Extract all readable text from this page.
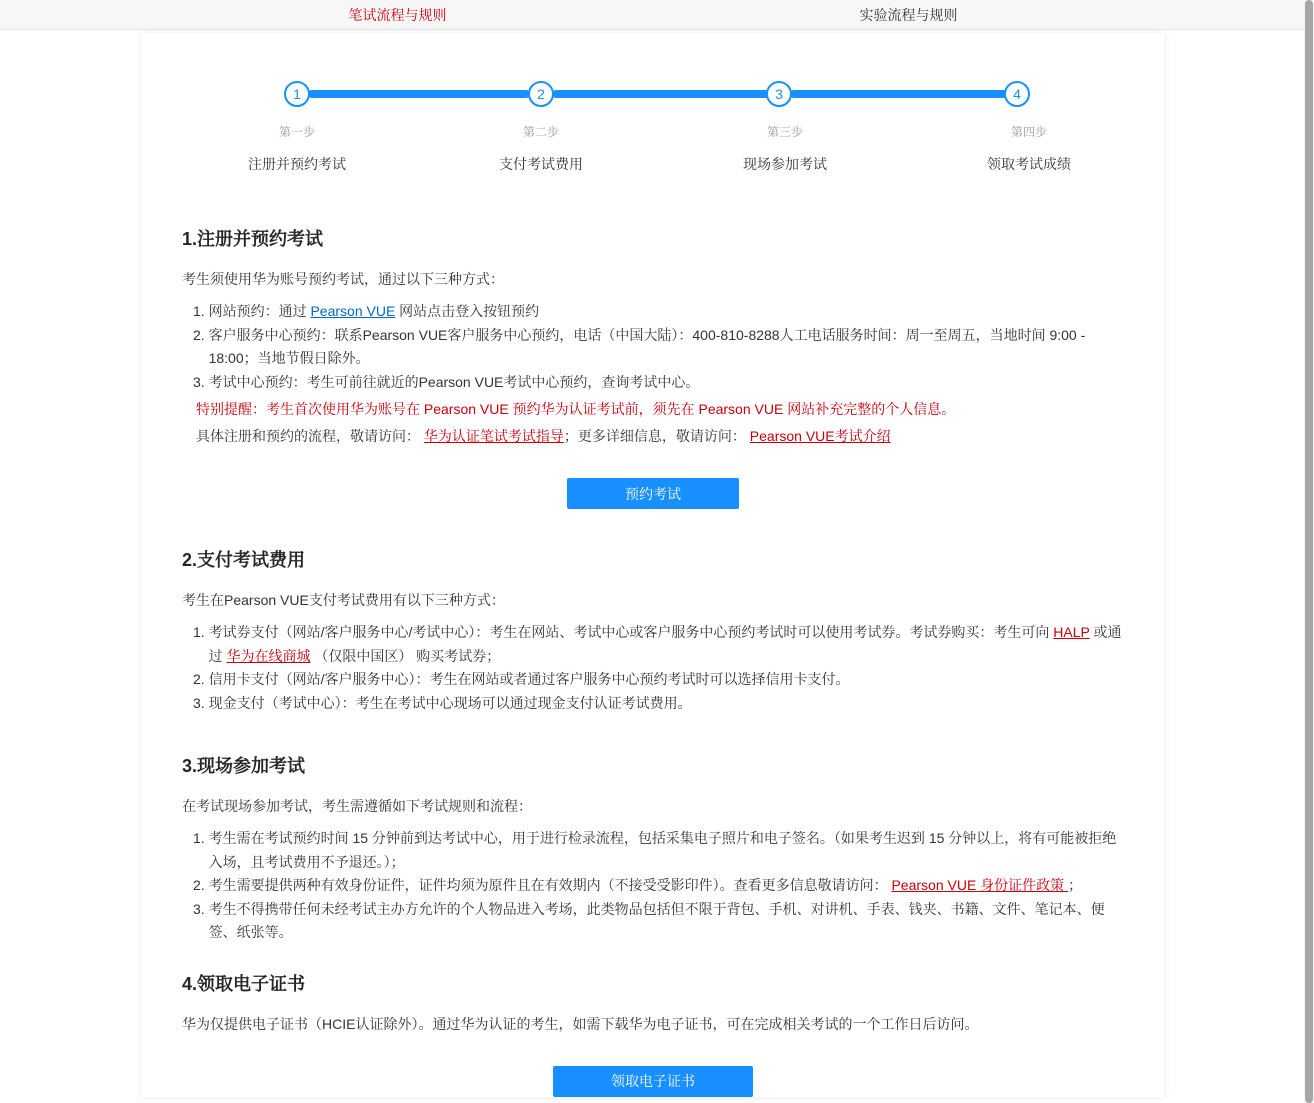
笔试流程与规则	实验流程与规则
1	2	3	4
第一步	第二步	第三步	第四步
注册并预约考试	支付考试费用	现场参加考试	领取考试成绩
1.注册并预约考试
考生须使用华为账号预约考试，通过以下三种方式：
1. 网站预约：通过 Pearson VUE 网站点击登入按钮预约
2. 客户服务中心预约：联系Pearson VUE客户服务中心预约，电话（中国大陆）：400-810-8288人工电话服务时间：周一至周五，当地时间 9:00 - 18:00；当地节假日除外。
3. 考试中心预约：考生可前往就近的Pearson VUE考试中心预约，查询考试中心。
特别提醒：考生首次使用华为账号在 Pearson VUE 预约华为认证考试前，须先在 Pearson VUE 网站补充完整的个人信息。
具体注册和预约的流程，敬请访问： 华为认证笔试考试指导；更多详细信息，敬请访问： Pearson VUE考试介绍
预约考试
2.支付考试费用
考生在Pearson VUE支付考试费用有以下三种方式：
1. 考试券支付（网站/客户服务中心/考试中心）：考生在网站、考试中心或客户服务中心预约考试时可以使用考试券。考试券购买：考生可向 HALP 或通过 华为在线商城 （仅限中国区） 购买考试券；
2. 信用卡支付（网站/客户服务中心）：考生在网站或者通过客户服务中心预约考试时可以选择信用卡支付。
3. 现金支付（考试中心）：考生在考试中心现场可以通过现金支付认证考试费用。
3.现场参加考试
在考试现场参加考试，考生需遵循如下考试规则和流程：
1. 考生需在考试预约时间 15 分钟前到达考试中心，用于进行检录流程，包括采集电子照片和电子签名。（如果考生迟到 15 分钟以上，将有可能被拒绝入场，且考试费用不予退还。）；
2. 考生需要提供两种有效身份证件，证件均须为原件且在有效期内（不接受受影印件）。查看更多信息敬请访问： Pearson VUE 身份证件政策 ；
3. 考生不得携带任何未经考试主办方允许的个人物品进入考场，此类物品包括但不限于背包、手机、对讲机、手表、钱夹、书籍、文件、笔记本、便签、纸张等。
4.领取电子证书
华为仅提供电子证书（HCIE认证除外）。通过华为认证的考生，如需下载华为电子证书，可在完成相关考试的一个工作日后访问。
领取电子证书
